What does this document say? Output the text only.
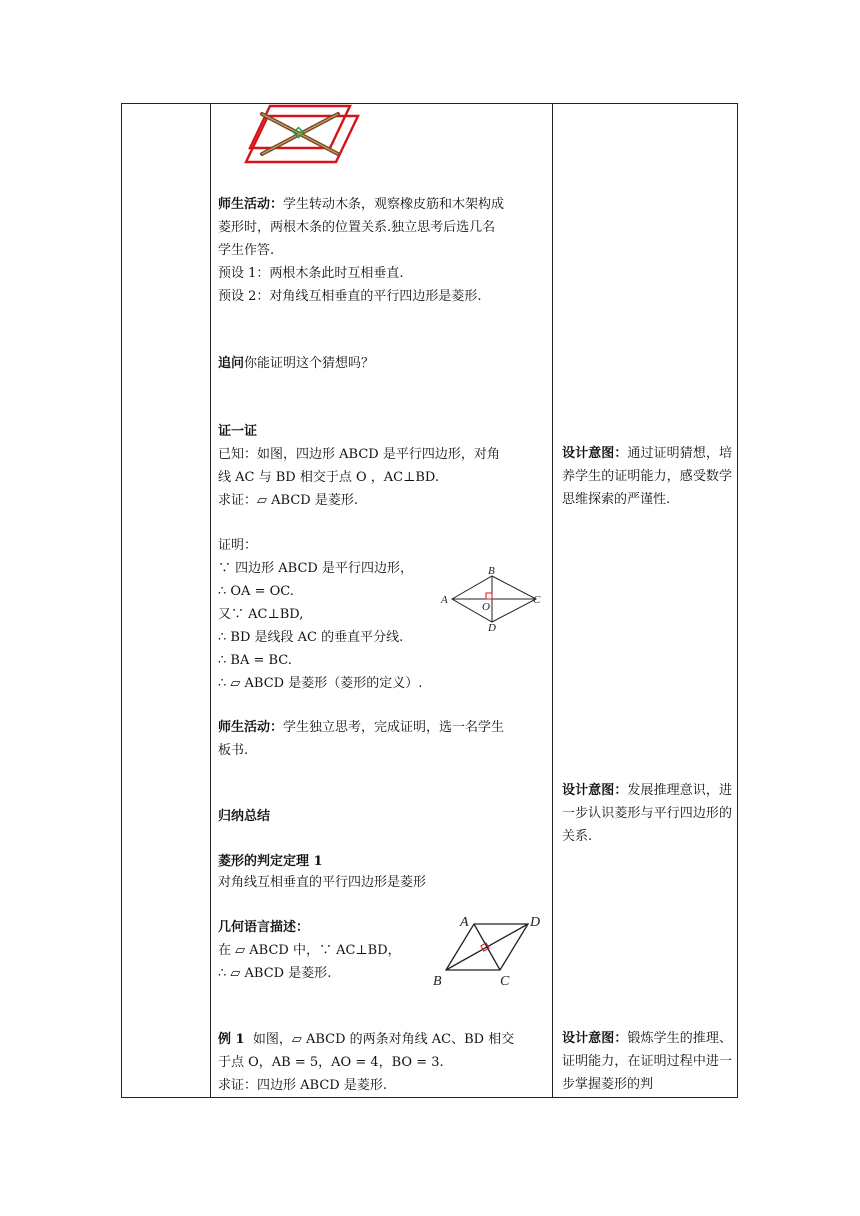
师生活动：学生转动木条，观察橡皮筋和木架构成
菱形时，两根木条的位置关系.独立思考后选几名
学生作答.
预设 1：两根木条此时互相垂直.
预设 2：对角线互相垂直的平行四边形是菱形.
追问你能证明这个猜想吗？
证一证
已知：如图，四边形 ABCD 是平行四边形，对角
线 AC 与 BD 相交于点 O ，AC⊥BD.
求证：▱ ABCD 是菱形.
证明：
∵ 四边形 ABCD 是平行四边形，
∴ OA = OC.
又∵ AC⊥BD,
∴ BD 是线段 AC 的垂直平分线.
∴ BA = BC.
∴ ▱ ABCD 是菱形（菱形的定义）.
A
B
C
D
O
师生活动：学生独立思考，完成证明，选一名学生
板书.
归纳总结
菱形的判定定理 1
对角线互相垂直的平行四边形是菱形
几何语言描述：
在 ▱ ABCD 中，∵ AC⊥BD，
∴ ▱ ABCD 是菱形.
A	D
B	C
例 1 如图，▱ ABCD 的两条对角线 AC、BD 相交
于点 O，AB = 5，AO = 4，BO = 3.
求证：四边形 ABCD 是菱形.
设计意图：通过证明猜想，培养学生的证明能力，感受数学思维探索的严谨性.
设计意图：发展推理意识，进一步认识菱形与平行四边形的关系.
设计意图：锻炼学生的推理、证明能力，在证明过程中进一步掌握菱形的判
